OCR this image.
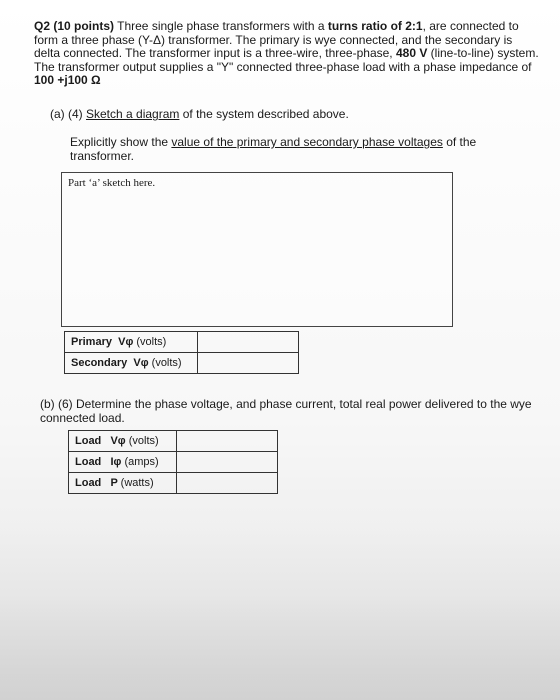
Q2 (10 points) Three single phase transformers with a turns ratio of 2:1, are connected to form a three phase (Y-Δ) transformer. The primary is wye connected, and the secondary is delta connected. The transformer input is a three-wire, three-phase, 480 V (line-to-line) system. The transformer output supplies a "Y" connected three-phase load with a phase impedance of 100 +j100 Ω
(a) (4) Sketch a diagram of the system described above.
Explicitly show the value of the primary and secondary phase voltages of the transformer.
Part ‘a’ sketch here.
Primary Vφ (volts)	
Secondary Vφ (volts)	
(b) (6) Determine the phase voltage, and phase current, total real power delivered to the wye connected load.
Load Vφ (volts)	
Load Iφ (amps)	
Load P (watts)	
